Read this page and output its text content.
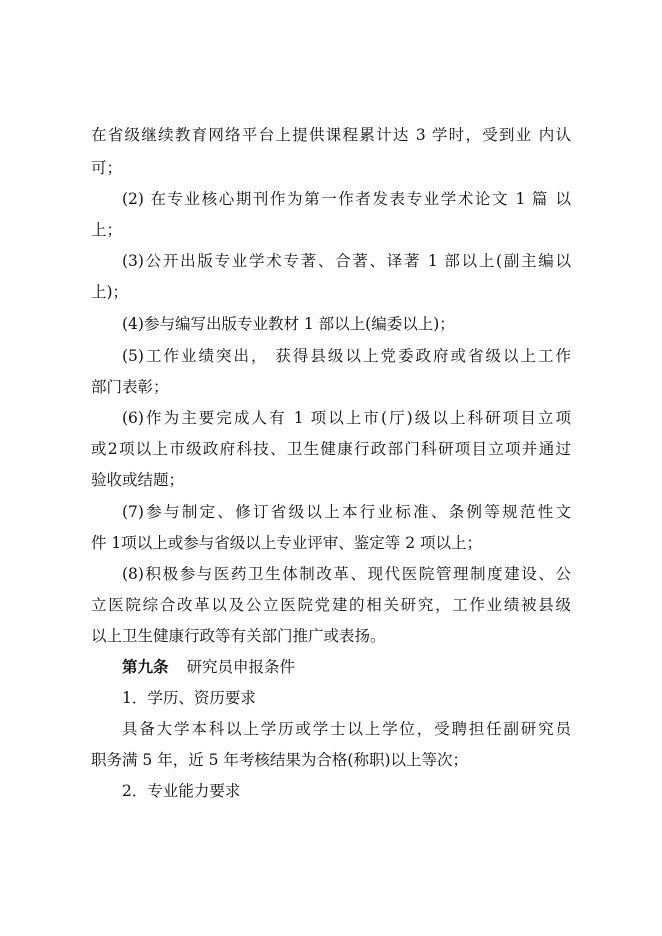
在省级继续教育网络平台上提供课程累计达 3 学时，受到业 内认
可；
(2) 在专业核心期刊作为第一作者发表专业学术论文 1 篇 以
上；
(3)公开出版专业学术专著、合著、译著 1 部以上(副主编以
上)；
(4)参与编写出版专业教材 1 部以上(编委以上)；
(5)工作业绩突出， 获得县级以上党委政府或省级以上工作
部门表彰；
(6)作为主要完成人有 1 项以上市(厅)级以上科研项目立项
或2项以上市级政府科技、卫生健康行政部门科研项目立项并通过
验收或结题；
(7)参与制定、修订省级以上本行业标准、条例等规范性文
件 1项以上或参与省级以上专业评审、鉴定等 2 项以上；
(8)积极参与医药卫生体制改革、现代医院管理制度建设、公
立医院综合改革以及公立医院党建的相关研究，工作业绩被县级
以上卫生健康行政等有关部门推广或表扬。
第九条 研究员申报条件
1．学历、资历要求
具备大学本科以上学历或学士以上学位，受聘担任副研究员
职务满 5 年，近 5 年考核结果为合格(称职)以上等次；
2．专业能力要求
